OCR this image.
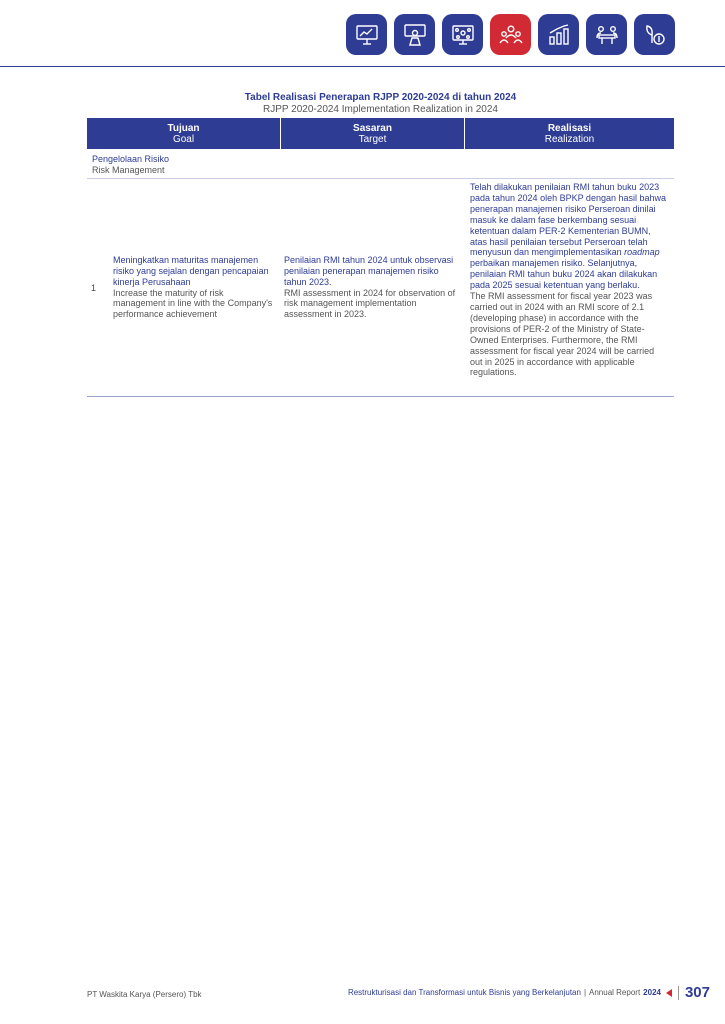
Tabel Realisasi Penerapan RJPP 2020-2024 di tahun 2024
RJPP 2020-2024 Implementation Realization in 2024
Tujuan
Goal
Sasaran
Target
Realisasi
Realization
Pengelolaan Risiko
Risk Management
1
Meningkatkan maturitas manajemen risiko yang sejalan dengan pencapaian kinerja Perusahaan
Increase the maturity of risk management in line with the Company's performance achievement
Penilaian RMI tahun 2024 untuk observasi penilaian penerapan manajemen risiko tahun 2023.
RMI assessment in 2024 for observation of risk management implementation assessment in 2023.
Telah dilakukan penilaian RMI tahun buku 2023 pada tahun 2024 oleh BPKP dengan hasil bahwa penerapan manajemen risiko Perseroan dinilai masuk ke dalam fase berkembang sesuai ketentuan dalam PER-2 Kementerian BUMN, atas hasil penilaian tersebut Perseroan telah menyusun dan mengimplementasikan roadmap perbaikan manajemen risiko. Selanjutnya, penilaian RMI tahun buku 2024 akan dilakukan pada 2025 sesuai ketentuan yang berlaku.
The RMI assessment for fiscal year 2023 was carried out in 2024 with an RMI score of 2.1 (developing phase) in accordance with the provisions of PER-2 of the Ministry of State-Owned Enterprises. Furthermore, the RMI assessment for fiscal year 2024 will be carried out in 2025 in accordance with applicable regulations.
PT Waskita Karya (Persero) Tbk	Restrukturisasi dan Transformasi untuk Bisnis yang Berkelanjutan | Annual Report 2024 307
